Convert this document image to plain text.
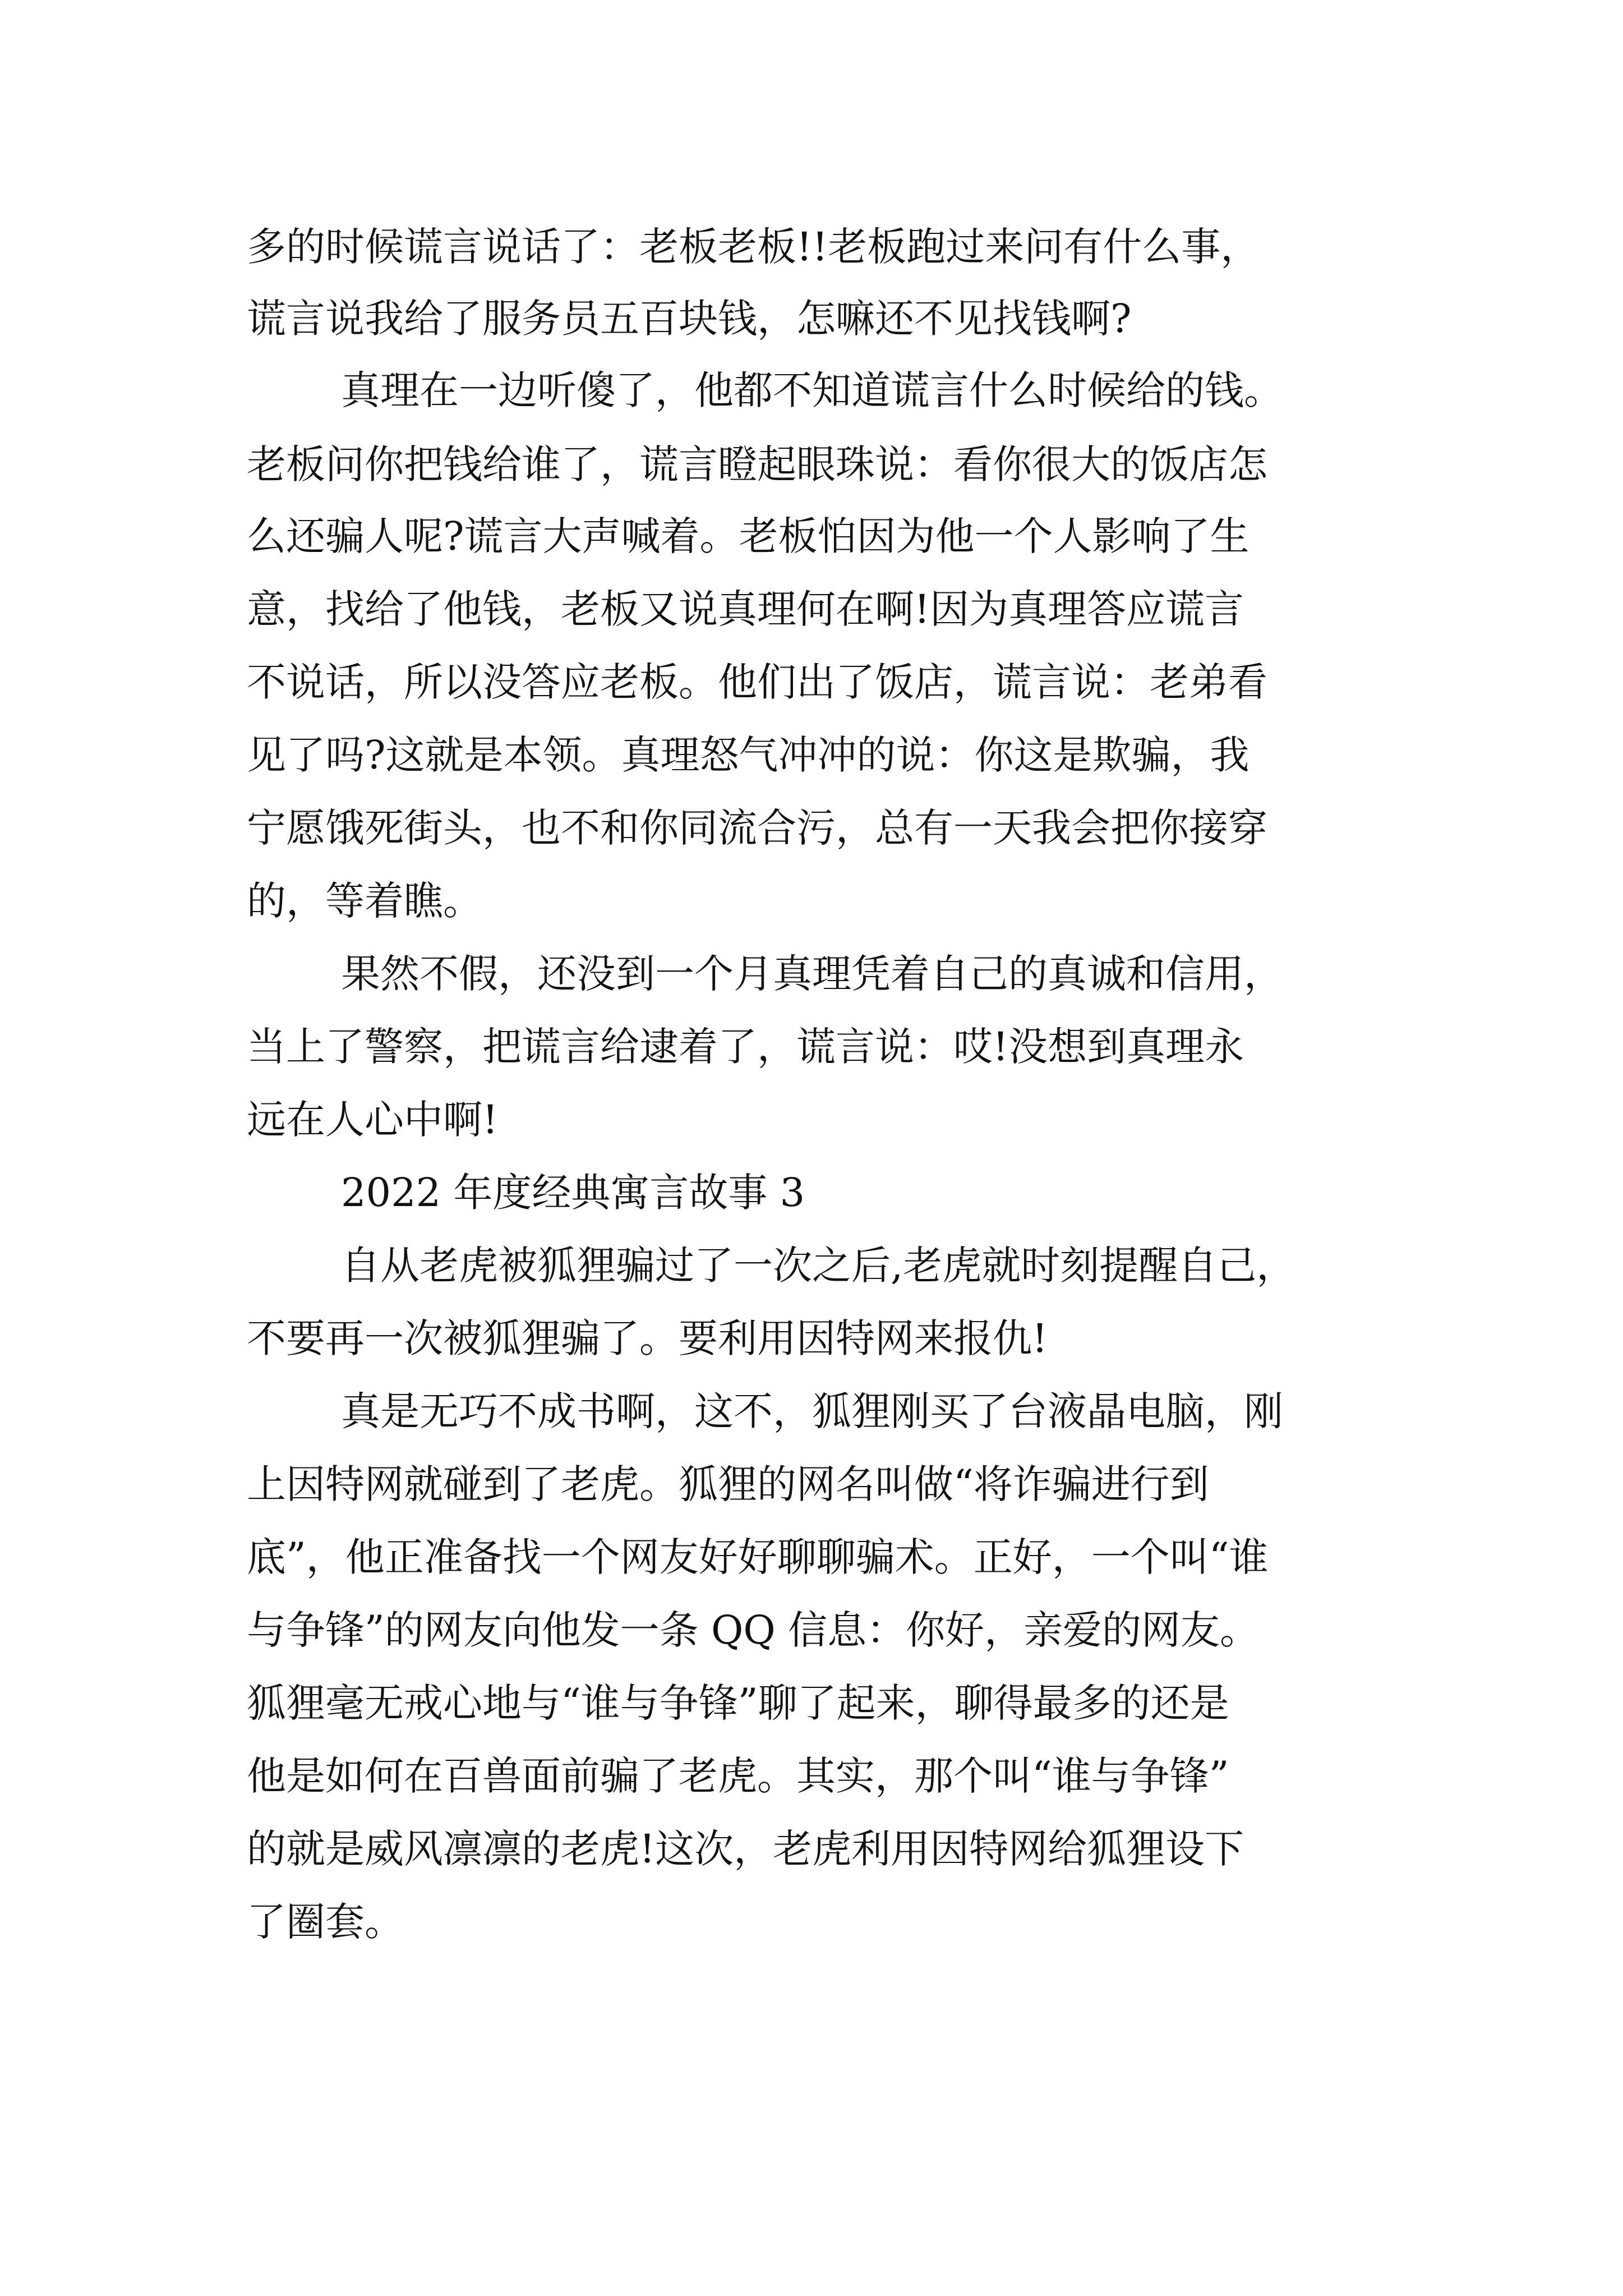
多的时候谎言说话了：老板老板!!老板跑过来问有什么事，
谎言说我给了服务员五百块钱，怎嘛还不见找钱啊?
真理在一边听傻了，他都不知道谎言什么时候给的钱。
老板问你把钱给谁了，谎言瞪起眼珠说：看你很大的饭店怎
么还骗人呢?谎言大声喊着。老板怕因为他一个人影响了生
意，找给了他钱，老板又说真理何在啊!因为真理答应谎言
不说话，所以没答应老板。他们出了饭店，谎言说：老弟看
见了吗?这就是本领。真理怒气冲冲的说：你这是欺骗，我
宁愿饿死街头，也不和你同流合污，总有一天我会把你接穿
的，等着瞧。
果然不假，还没到一个月真理凭着自己的真诚和信用，
当上了警察，把谎言给逮着了，谎言说：哎!没想到真理永
远在人心中啊!
2022 年度经典寓言故事 3
自从老虎被狐狸骗过了一次之后,老虎就时刻提醒自己，
不要再一次被狐狸骗了。要利用因特网来报仇!
真是无巧不成书啊，这不，狐狸刚买了台液晶电脑，刚
上因特网就碰到了老虎。狐狸的网名叫做“将诈骗进行到
底”，他正准备找一个网友好好聊聊骗术。正好，一个叫“谁
与争锋”的网友向他发一条 QQ 信息：你好，亲爱的网友。
狐狸毫无戒心地与“谁与争锋”聊了起来，聊得最多的还是
他是如何在百兽面前骗了老虎。其实，那个叫“谁与争锋”
的就是威风凛凛的老虎!这次，老虎利用因特网给狐狸设下
了圈套。
